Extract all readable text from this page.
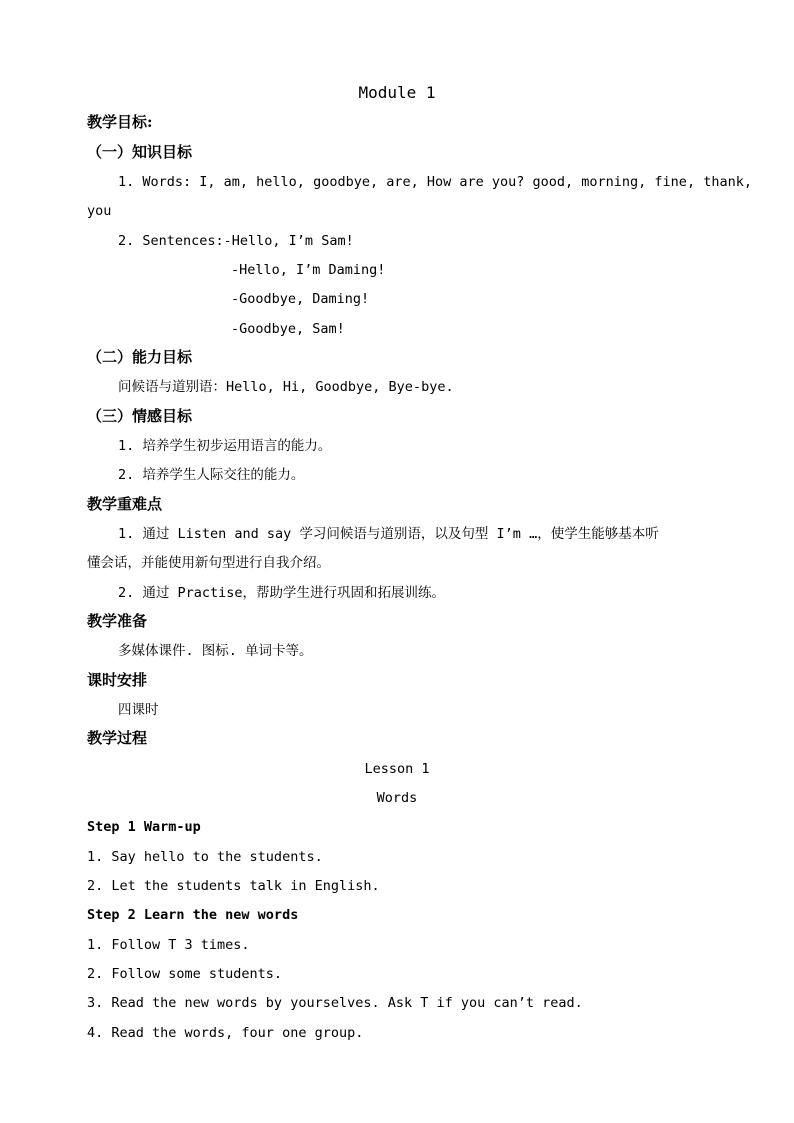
Module 1
教学目标:
（一）知识目标
1. Words: I, am, hello, goodbye, are, How are you? good, morning, fine, thank,
you
2. Sentences:-Hello, I’m Sam!
-Hello, I’m Daming!
-Goodbye, Daming!
-Goodbye, Sam!
（二）能力目标
问候语与道别语：Hello, Hi, Goodbye, Bye-bye.
（三）情感目标
1. 培养学生初步运用语言的能力。
2. 培养学生人际交往的能力。
教学重难点
1. 通过 Listen and say 学习问候语与道别语，以及句型 I’m …，使学生能够基本听
懂会话，并能使用新句型进行自我介绍。
2. 通过 Practise，帮助学生进行巩固和拓展训练。
教学准备
多媒体课件. 图标. 单词卡等。
课时安排
四课时
教学过程
Lesson 1
Words
Step 1 Warm-up
1. Say hello to the students.
2. Let the students talk in English.
Step 2 Learn the new words
1. Follow T 3 times.
2. Follow some students.
3. Read the new words by yourselves. Ask T if you can’t read.
4. Read the words, four one group.
